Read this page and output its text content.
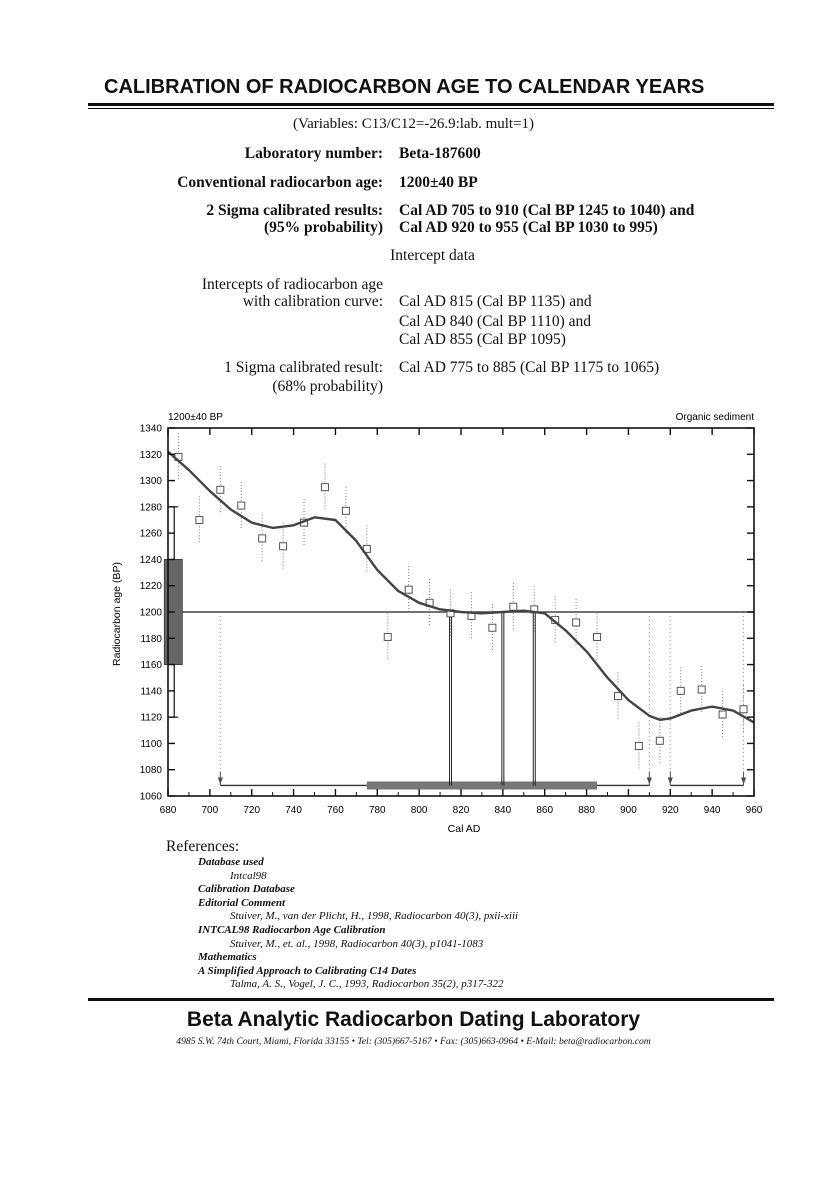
CALIBRATION OF RADIOCARBON AGE TO CALENDAR YEARS
(Variables: C13/C12=-26.9:lab. mult=1)
Laboratory number: Beta-187600
Conventional radiocarbon age: 1200±40 BP
2 Sigma calibrated results:
(95% probability)
Cal AD 705 to 910 (Cal BP 1245 to 1040) and
Cal AD 920 to 955 (Cal BP 1030 to 995)
Intercept data
Intercepts of radiocarbon age
with calibration curve: Cal AD 815 (Cal BP 1135) and
Cal AD 840 (Cal BP 1110) and
Cal AD 855 (Cal BP 1095)
1 Sigma calibrated result:
(68% probability)
Cal AD 775 to 885 (Cal BP 1175 to 1065)
1200±40 BP	Organic sediment
Cal AD
Radiocarbon age (BP)
680	700	720	740	760	780	800	820	840	860	880	900	920	940	960
1060
1080
1100
1120
1140
1160
1180
1200
1220
1240
1260
1280
1300
1320
1340
References:
Database used
Intcal98
Calibration Database
Editorial Comment
Stuiver, M., van der Plicht, H., 1998, Radiocarbon 40(3), pxii-xiii
INTCAL98 Radiocarbon Age Calibration
Stuiver, M., et. al., 1998, Radiocarbon 40(3), p1041-1083
Mathematics
A Simplified Approach to Calibrating C14 Dates
Talma, A. S., Vogel, J. C., 1993, Radiocarbon 35(2), p317-322
Beta Analytic Radiocarbon Dating Laboratory
4985 S.W. 74th Court, Miami, Florida 33155 • Tel: (305)667-5167 • Fax: (305)663-0964 • E-Mail: beta@radiocarbon.com
